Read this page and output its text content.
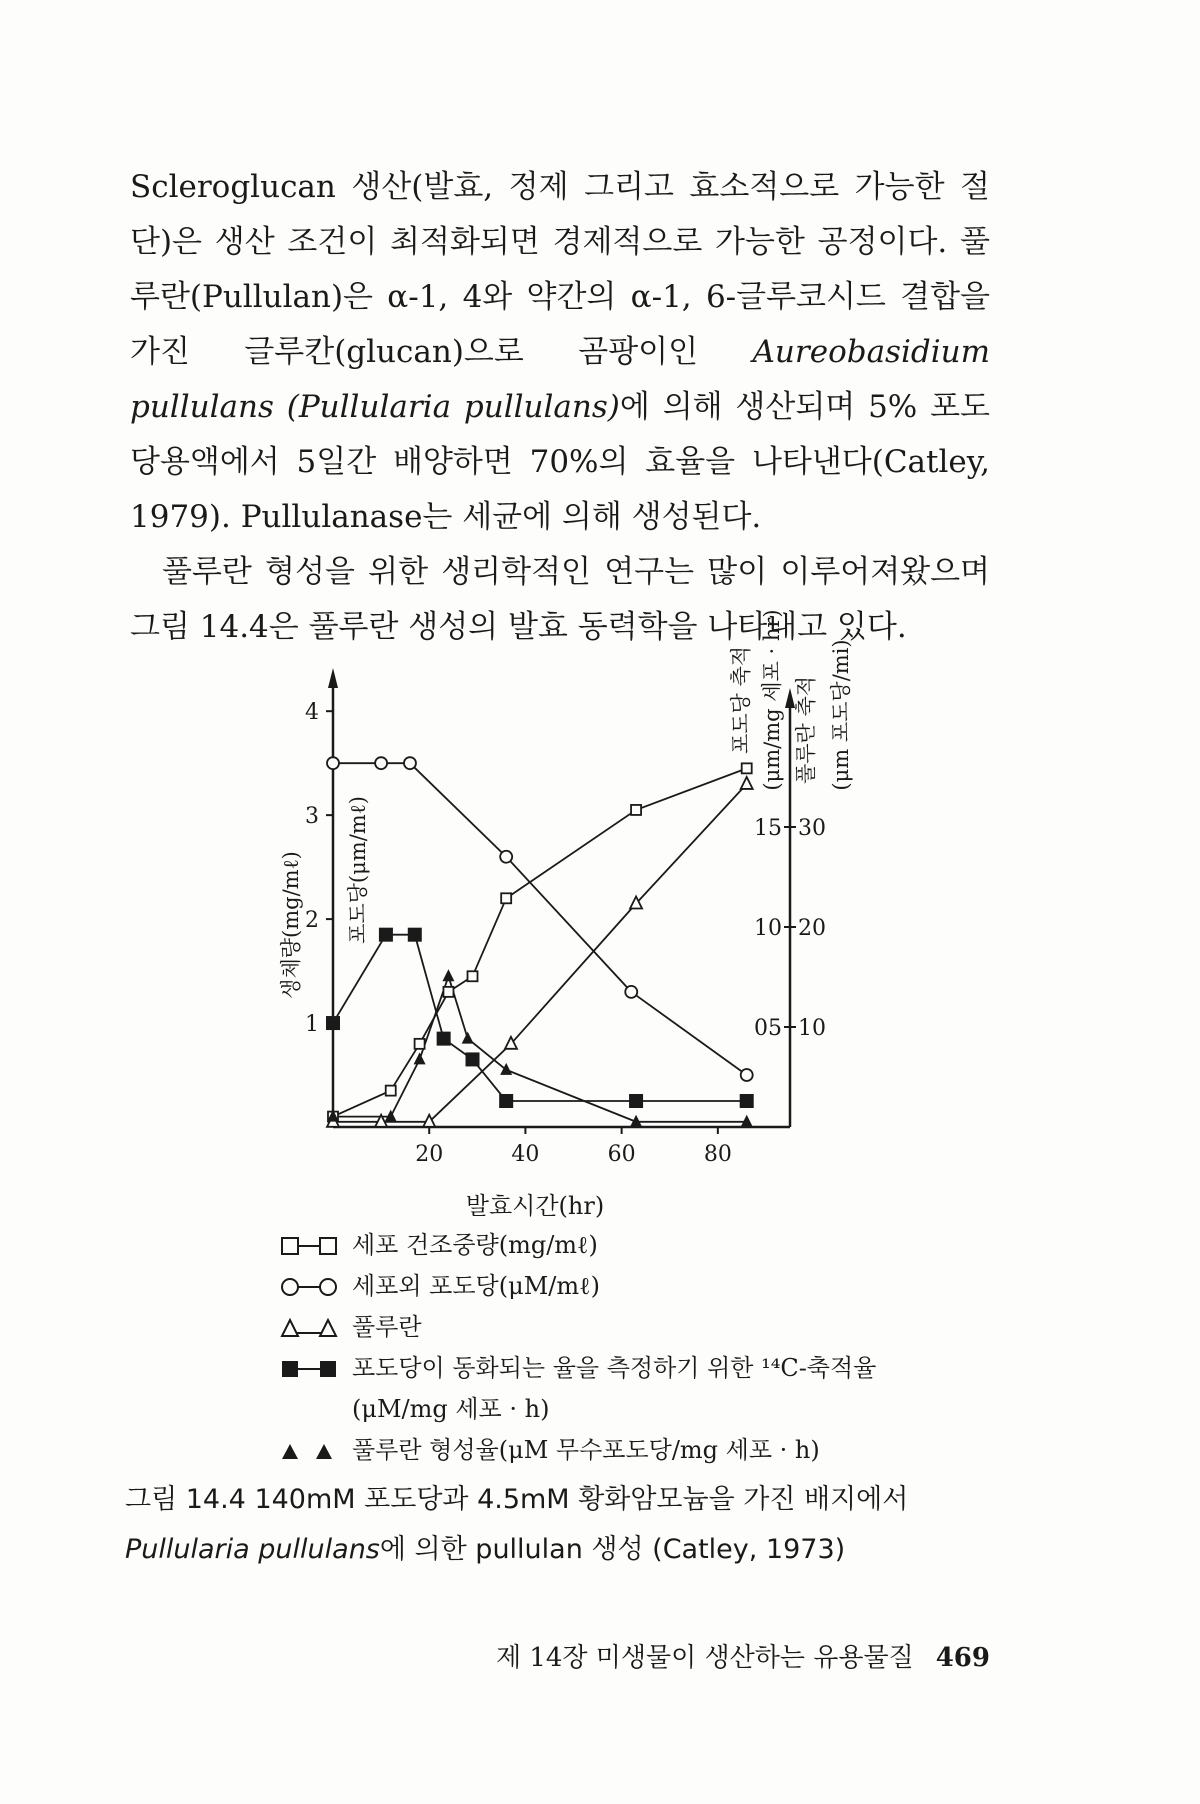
Scleroglucan 생산(발효, 정제 그리고 효소적으로 가능한 절단)은 생산 조건이 최적화되면 경제적으로 가능한 공정이다. 풀루란(Pullulan)은 α-1, 4와 약간의 α-1, 6-글루코시드 결합을 가진 글루칸(glucan)으로 곰팡이인 Aureobasidium pullulans (Pullularia pullulans)에 의해 생산되며 5% 포도당용액에서 5일간 배양하면 70%의 효율을 나타낸다(Catley, 1979). Pullulanase는 세균에 의해 생성된다.

풀루란 형성을 위한 생리학적인 연구는 많이 이루어져왔으며 그림 14.4은 풀루란 생성의 발효 동력학을 나타내고 있다.

20	40	60	80
1
2
3
4
05 10
10 20
15 30
발효시간(hr)
생체량(mg/mℓ) 포도당(μm/mℓ)
포도당 축적 (μm/mg 세포 · hr) 풀루란 축적 (μm 포도당/mi)
세포 건조중량(mg/mℓ)
세포외 포도당(μM/mℓ)
풀루란
포도당이 동화되는 율을 측정하기 위한 ¹⁴C-축적율
(μM/mg 세포 · h)
풀루란 형성율(μM 무수포도당/mg 세포 · h)
그림 14.4 140mM 포도당과 4.5mM 황화암모늄을 가진 배지에서 Pullularia pullulans에 의한 pullulan 생성 (Catley, 1973)
제 14장 미생물이 생산하는 유용물질 469
